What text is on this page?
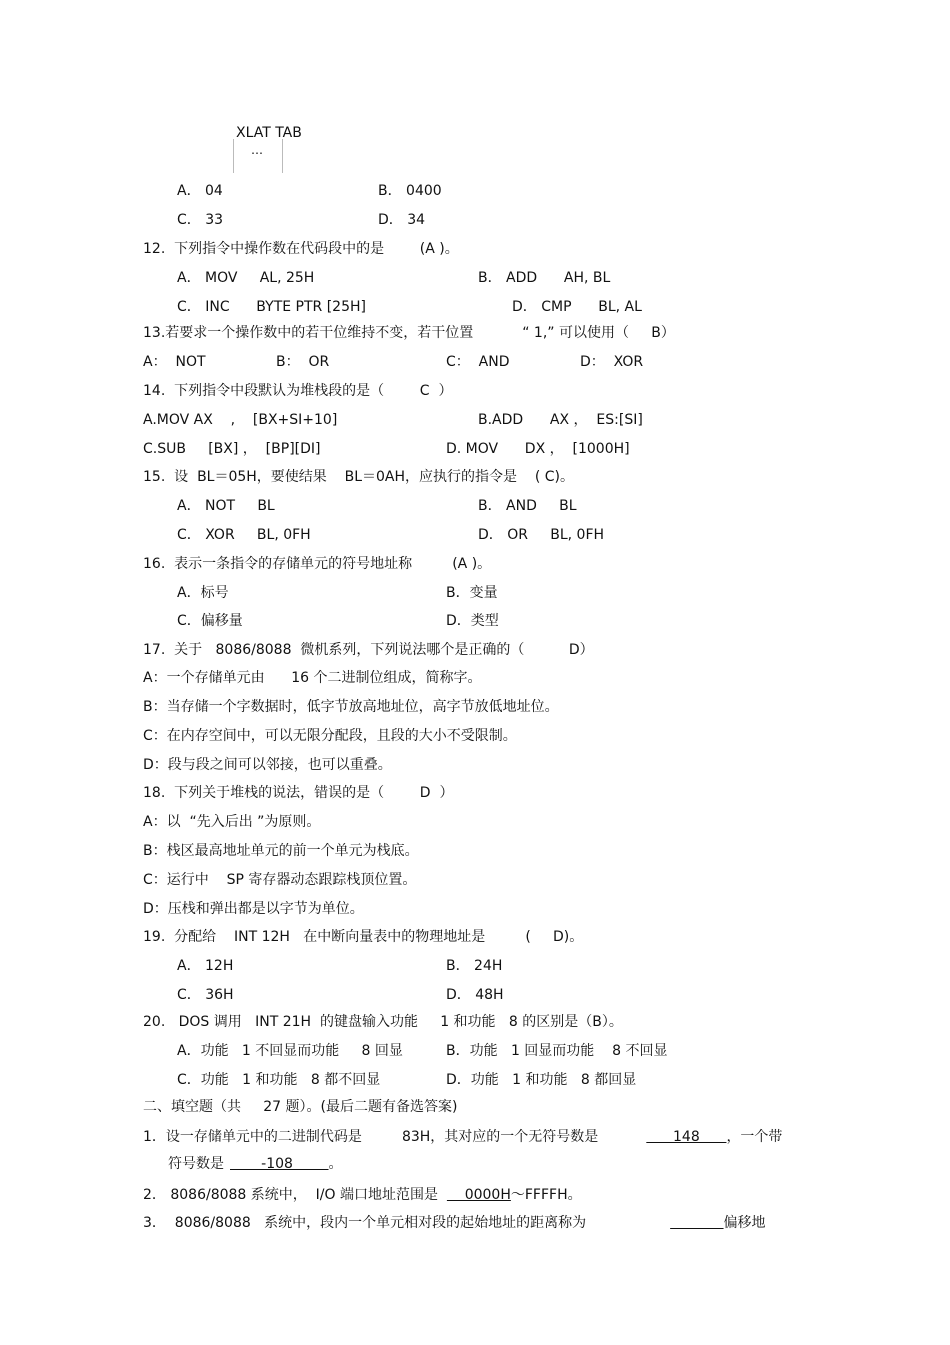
XLAT TAB
…
A． 04	B． 0400
C． 33	D． 34
12.  下列指令中操作数在代码段中的是        (A )。
A． MOV     AL, 25H	B． ADD      AH, BL
C． INC      BYTE PTR [25H]	D． CMP      BL, AL
13.若要求一个操作数中的若干位维持不变，若干位置           “ 1,” 可以使用（     B）
A：  NOT	B：  OR	C：  AND	D：  XOR
14.  下列指令中段默认为堆栈段的是（        C  ）
A.MOV AX    ,    [BX+SI+10]	B.ADD      AX ，  ES:[SI]
C.SUB     [BX] ，  [BP][DI]	D. MOV      DX ，  [1000H]
15.  设  BL＝05H，要使结果    BL＝0AH，应执行的指令是    ( C)。
A． NOT     BL	B． AND     BL
C． XOR     BL, 0FH	D． OR     BL, 0FH
16.  表示一条指令的存储单元的符号地址称         (A )。
A．标号	B．变量
C．偏移量	D．类型
17.  关于   8086/8088  微机系列，下列说法哪个是正确的（          D）
A：一个存储单元由      16 个二进制位组成，简称字。
B：当存储一个字数据时，低字节放高地址位，高字节放低地址位。
C：在内存空间中，可以无限分配段，且段的大小不受限制。
D：段与段之间可以邻接，也可以重叠。
18.  下列关于堆栈的说法，错误的是（        D  ）
A：以  “先入后出 ”为原则。
B：栈区最高地址单元的前一个单元为栈底。
C：运行中    SP 寄存器动态跟踪栈顶位置。
D：压栈和弹出都是以字节为单位。
19.  分配给    INT 12H   在中断向量表中的物理地址是         (     D)。
A． 12H	B． 24H
C． 36H	D． 48H
20.   DOS 调用   INT 21H  的键盘输入功能     1 和功能   8 的区别是（B）。
A．功能   1 不回显而功能     8 回显	B．功能   1 回显而功能    8 不回显
C．功能   1 和功能   8 都不回显	D．功能   1 和功能   8 都回显
二、填空题（共     27 题）。(最后二题有备选答案)
1．设一存储单元中的二进制代码是         83H，其对应的一个无符号数是	148      ，一个带
符号数是       -108        。
2． 8086/8088 系统中，  I/O 端口地址范围是      0000H～FFFFH。
3．  8086/8088   系统中，段内一个单元相对段的起始地址的距离称为	偏移地
